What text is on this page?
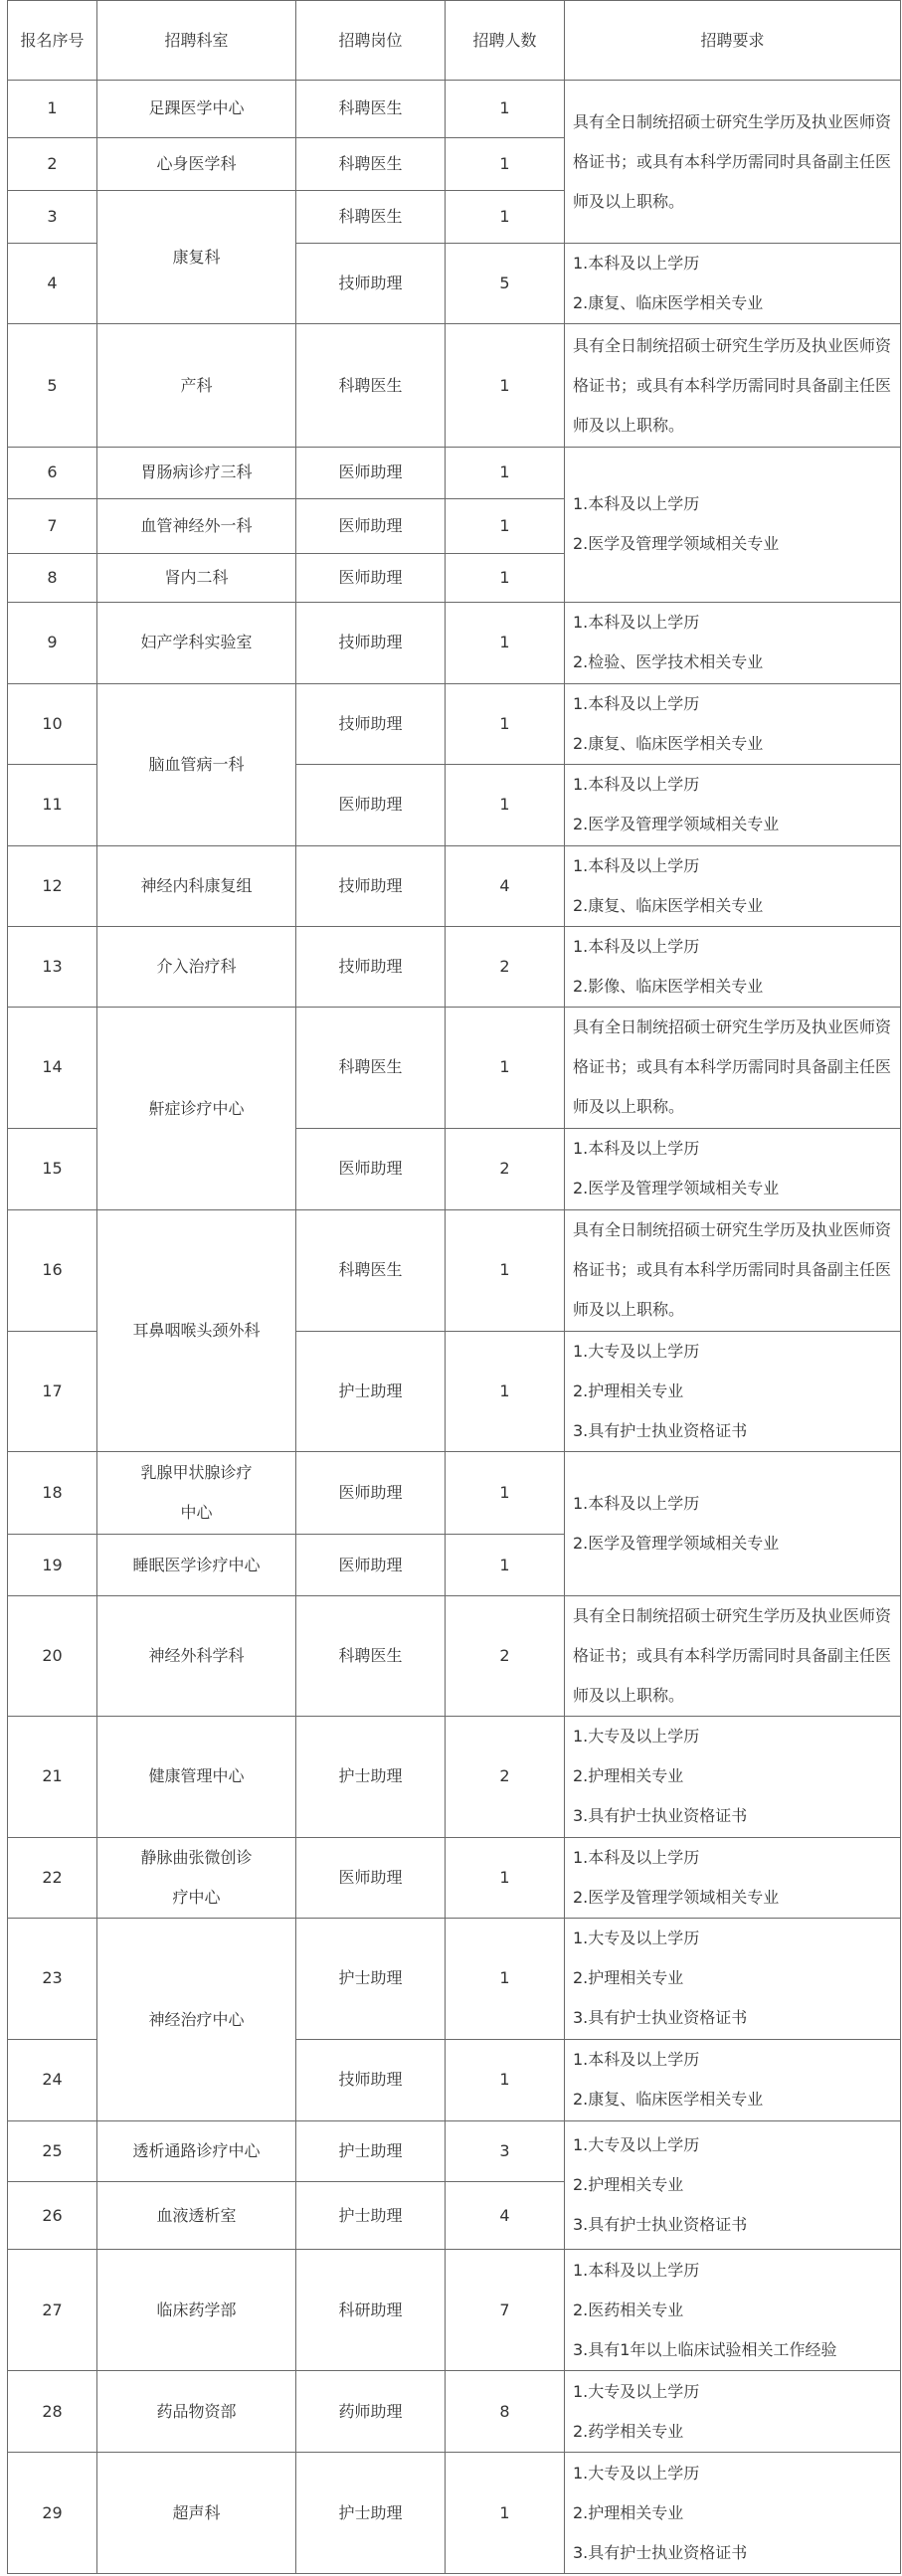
报名序号	招聘科室	招聘岗位	招聘人数	招聘要求
1	足踝医学中心	科聘医生	1	具有全日制统招硕士研究生学历及执业医师资格证书；或具有本科学历需同时具备副主任医师及以上职称。
2	心身医学科	科聘医生	1	
3	康复科	科聘医生	1	
4		技师助理	5	1.本科及以上学历
2.康复、临床医学相关专业

5	产科	科聘医生	1	具有全日制统招硕士研究生学历及执业医师资格证书；或具有本科学历需同时具备副主任医师及以上职称。
6	胃肠病诊疗三科	医师助理	1	1.本科及以上学历
2.医学及管理学领域相关专业

7	血管神经外一科	医师助理	1	
8	肾内二科	医师助理	1	
9	妇产学科实验室	技师助理	1	1.本科及以上学历
2.检验、医学技术相关专业

10	脑血管病一科	技师助理	1	1.本科及以上学历
2.康复、临床医学相关专业

11		医师助理	1	1.本科及以上学历
2.医学及管理学领域相关专业

12	神经内科康复组	技师助理	4	1.本科及以上学历
2.康复、临床医学相关专业

13	介入治疗科	技师助理	2	1.本科及以上学历
2.影像、临床医学相关专业

14	鼾症诊疗中心	科聘医生	1	具有全日制统招硕士研究生学历及执业医师资格证书；或具有本科学历需同时具备副主任医师及以上职称。
15		医师助理	2	1.本科及以上学历
2.医学及管理学领域相关专业

16	耳鼻咽喉头颈外科	科聘医生	1	具有全日制统招硕士研究生学历及执业医师资格证书；或具有本科学历需同时具备副主任医师及以上职称。
17		护士助理	1	1.大专及以上学历
2.护理相关专业
3.具有护士执业资格证书

18	乳腺甲状腺诊疗中心	医师助理	1	1.本科及以上学历
2.医学及管理学领域相关专业

19	睡眠医学诊疗中心	医师助理	1	
20	神经外科学科	科聘医生	2	具有全日制统招硕士研究生学历及执业医师资格证书；或具有本科学历需同时具备副主任医师及以上职称。
21	健康管理中心	护士助理	2	1.大专及以上学历
2.护理相关专业
3.具有护士执业资格证书

22	静脉曲张微创诊疗中心	医师助理	1	1.本科及以上学历
2.医学及管理学领域相关专业

23	神经治疗中心	护士助理	1	1.大专及以上学历
2.护理相关专业
3.具有护士执业资格证书

24		技师助理	1	1.本科及以上学历
2.康复、临床医学相关专业

25	透析通路诊疗中心	护士助理	3	1.大专及以上学历
2.护理相关专业
3.具有护士执业资格证书

26	血液透析室	护士助理	4	
27	临床药学部	科研助理	7	1.本科及以上学历
2.医药相关专业
3.具有1年以上临床试验相关工作经验

28	药品物资部	药师助理	8	1.大专及以上学历
2.药学相关专业

29	超声科	护士助理	1	1.大专及以上学历
2.护理相关专业
3.具有护士执业资格证书
